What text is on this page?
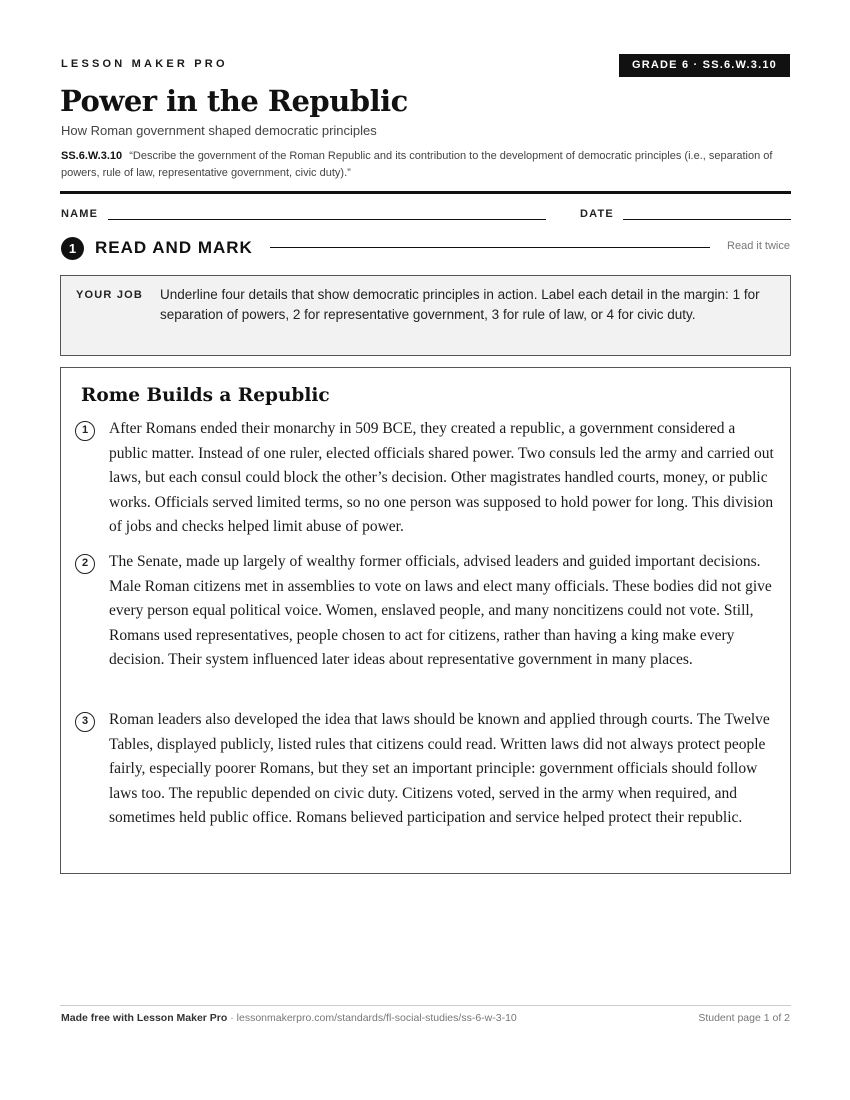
LESSON MAKER PRO	GRADE 6 · SS.6.W.3.10
Power in the Republic
How Roman government shaped democratic principles
SS.6.W.3.10 “Describe the government of the Roman Republic and its contribution to the development of democratic principles (i.e., separation of powers, rule of law, representative government, civic duty).”
NAME	DATE
1	READ AND MARK	Read it twice
YOUR JOB Underline four details that show democratic principles in action. Label each detail in the margin: 1 for separation of powers, 2 for representative government, 3 for rule of law, or 4 for civic duty.
Rome Builds a Republic
1	After Romans ended their monarchy in 509 BCE, they created a republic, a government considered a public matter. Instead of one ruler, elected officials shared power. Two consuls led the army and carried out laws, but each consul could block the other’s decision. Other magistrates handled courts, money, or public works. Officials served limited terms, so no one person was supposed to hold power for long. This division of jobs and checks helped limit abuse of power.

2	The Senate, made up largely of wealthy former officials, advised leaders and guided important decisions. Male Roman citizens met in assemblies to vote on laws and elect many officials. These bodies did not give every person equal political voice. Women, enslaved people, and many noncitizens could not vote. Still, Romans used representatives, people chosen to act for citizens, rather than having a king make every decision. Their system influenced later ideas about representative government in many places.

3	Roman leaders also developed the idea that laws should be known and applied through courts. The Twelve Tables, displayed publicly, listed rules that citizens could read. Written laws did not always protect people fairly, especially poorer Romans, but they set an important principle: government officials should follow laws too. The republic depended on civic duty. Citizens voted, served in the army when required, and sometimes held public office. Romans believed participation and service helped protect their republic.

Made free with Lesson Maker Pro · lessonmakerpro.com/standards/fl-social-studies/ss-6-w-3-10	Student page 1 of 2
